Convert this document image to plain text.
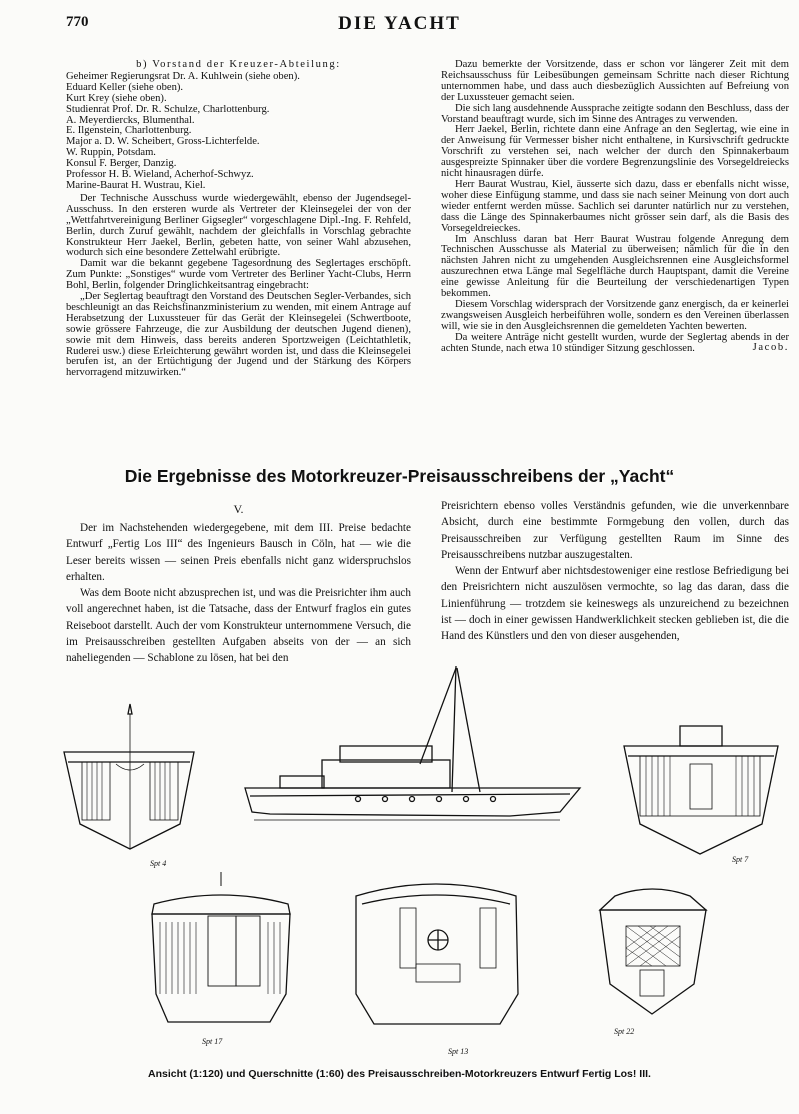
770	DIE YACHT

b) Vorstand der Kreuzer-Abteilung:

Geheimer Regierungsrat Dr. A. Kuhlwein (siehe oben).
Eduard Keller (siehe oben).
Kurt Krey (siehe oben).
Studienrat Prof. Dr. R. Schulze, Charlottenburg.
A. Meyerdiercks, Blumenthal.
E. Ilgenstein, Charlottenburg.
Major a. D. W. Scheibert, Gross-Lichterfelde.
W. Ruppin, Potsdam.
Konsul F. Berger, Danzig.
Professor H. B. Wieland, Acherhof-Schwyz.
Marine-Baurat H. Wustrau, Kiel.

Der Technische Ausschuss wurde wiedergewählt, ebenso der Jugendsegel-Ausschuss. In den ersteren wurde als Vertreter der Kleinsegelei der von der „Wettfahrtvereinigung Berliner Gigsegler“ vorgeschlagene Dipl.-Ing. F. Rehfeld, Berlin, durch Zuruf gewählt, nachdem der gleichfalls in Vorschlag gebrachte Konstrukteur Herr Jaekel, Berlin, gebeten hatte, von seiner Wahl abzusehen, wodurch sich eine besondere Zettelwahl erübrigte.

Damit war die bekannt gegebene Tagesordnung des Seglertages erschöpft. Zum Punkte: „Sonstiges“ wurde vom Vertreter des Berliner Yacht-Clubs, Herrn Bohl, Berlin, folgender Dringlichkeitsantrag eingebracht:

„Der Seglertag beauftragt den Vorstand des Deutschen Segler-Verbandes, sich beschleunigt an das Reichsfinanzministerium zu wenden, mit einem Antrage auf Herabsetzung der Luxussteuer für das Gerät der Kleinsegelei (Schwertboote, sowie grössere Fahrzeuge, die zur Ausbildung der deutschen Jugend dienen), sowie mit dem Hinweis, dass bereits anderen Sportzweigen (Leichtathletik, Ruderei usw.) diese Erleichterung gewährt worden ist, und dass die Kleinsegelei berufen ist, an der Ertüchtigung der Jugend und der Stärkung des Körpers hervorragend mitzuwirken.“

Dazu bemerkte der Vorsitzende, dass er schon vor längerer Zeit mit dem Reichsausschuss für Leibesübungen gemeinsam Schritte nach dieser Richtung unternommen habe, und dass auch diesbezüglich Aussichten auf Befreiung von der Luxussteuer gemacht seien.

Die sich lang ausdehnende Aussprache zeitigte sodann den Beschluss, dass der Vorstand beauftragt wurde, sich im Sinne des Antrages zu verwenden.

Herr Jaekel, Berlin, richtete dann eine Anfrage an den Seglertag, wie eine in der Anweisung für Vermesser bisher nicht enthaltene, in Kursivschrift gedruckte Vorschrift zu verstehen sei, nach welcher der durch den Spinnakerbaum ausgespreizte Spinnaker über die vordere Begrenzungslinie des Vorsegeldreiecks nicht hinausragen dürfe.

Herr Baurat Wustrau, Kiel, äusserte sich dazu, dass er ebenfalls nicht wisse, woher diese Einfügung stamme, und dass sie nach seiner Meinung von dort auch wieder entfernt werden müsse. Sachlich sei darunter natürlich nur zu verstehen, dass die Länge des Spinnakerbaumes nicht grösser sein darf, als die Basis des Vorsegeldreieckes.

Im Anschluss daran bat Herr Baurat Wustrau folgende Anregung dem Technischen Ausschusse als Material zu überweisen; nämlich für die in den nächsten Jahren nicht zu umgehenden Ausgleichsrennen eine Ausgleichsformel auszurechnen etwa Länge mal Segelfläche durch Hauptspant, damit die Vereine eine gewisse Anleitung für die Beurteilung der verschiedenartigen Typen bekommen.

Diesem Vorschlag widersprach der Vorsitzende ganz energisch, da er keinerlei zwangsweisen Ausgleich herbeiführen wolle, sondern es den Vereinen überlassen will, wie sie in den Ausgleichsrennen die gemeldeten Yachten bewerten.

Da weitere Anträge nicht gestellt wurden, wurde der Seglertag abends in der achten Stunde, nach etwa 10 stündiger Sitzung geschlossen.	Jacob.

Die Ergebnisse des Motorkreuzer-Preisausschreibens der „Yacht“
V.

Der im Nachstehenden wiedergegebene, mit dem III. Preise bedachte Entwurf „Fertig Los III“ des Ingenieurs Bausch in Cöln, hat — wie die Leser bereits wissen — seinen Preis ebenfalls nicht ganz widerspruchslos erhalten.

Was dem Boote nicht abzusprechen ist, und was die Preisrichter ihm auch voll angerechnet haben, ist die Tatsache, dass der Entwurf fraglos ein gutes Reiseboot darstellt. Auch der vom Konstrukteur unternommene Versuch, die im Preisausschreiben gestellten Aufgaben abseits von der — an sich naheliegenden — Schablone zu lösen, hat bei den

Preisrichtern ebenso volles Verständnis gefunden, wie die unverkennbare Absicht, durch eine bestimmte Formgebung den vollen, durch das Preisausschreiben zur Verfügung gestellten Raum im Sinne des Preisausschreibens nutzbar auszugestalten.

Wenn der Entwurf aber nichtsdestoweniger eine restlose Befriedigung bei den Preisrichtern nicht auszulösen vermochte, so lag das daran, dass die Linienführung — trotzdem sie keineswegs als unzureichend zu bezeichnen ist — doch in einer gewissen Handwerklichkeit stecken geblieben ist, die die Hand des Künstlers und den von dieser ausgehenden,

Spt 4	Spt 7
Spt 17
Spt 13
Spt 22
Ansicht (1:120) und Querschnitte (1:60) des Preisausschreiben-Motorkreuzers Entwurf Fertig Los! III.
